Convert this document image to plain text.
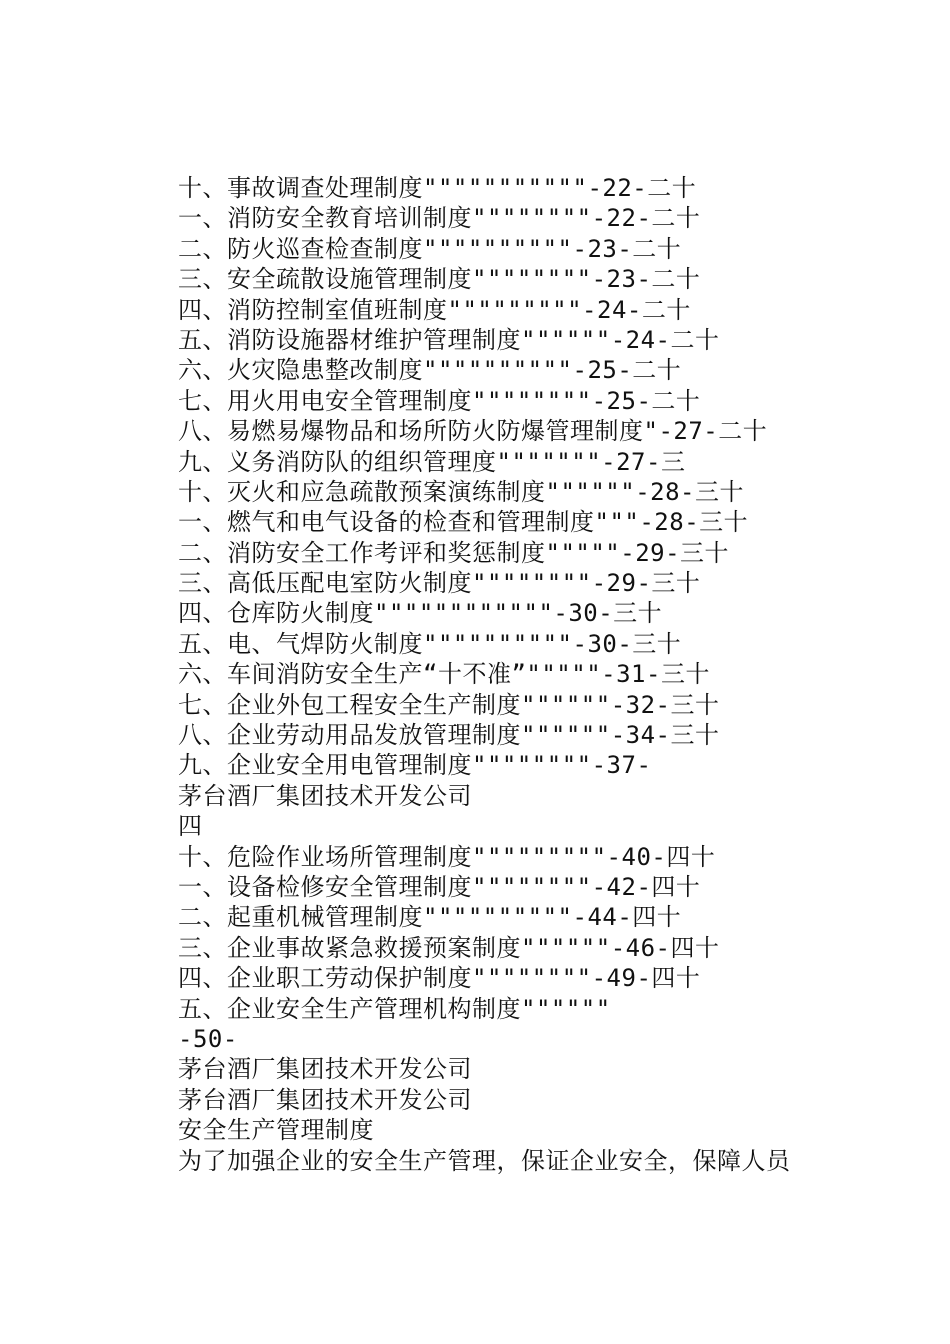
十、事故调查处理制度"""""""""""-22-二十
一、消防安全教育培训制度""""""""-22-二十
二、防火巡查检查制度""""""""""-23-二十
三、安全疏散设施管理制度""""""""-23-二十
四、消防控制室值班制度"""""""""-24-二十
五、消防设施器材维护管理制度""""""-24-二十
六、火灾隐患整改制度""""""""""-25-二十
七、用火用电安全管理制度""""""""-25-二十
八、易燃易爆物品和场所防火防爆管理制度"-27-二十
九、义务消防队的组织管理度"""""""-27-三
十、灭火和应急疏散预案演练制度""""""-28-三十
一、燃气和电气设备的检查和管理制度"""-28-三十
二、消防安全工作考评和奖惩制度"""""-29-三十
三、高低压配电室防火制度""""""""-29-三十
四、仓库防火制度""""""""""""-30-三十
五、电、气焊防火制度""""""""""-30-三十
六、车间消防安全生产“十不准”"""""-31-三十
七、企业外包工程安全生产制度""""""-32-三十
八、企业劳动用品发放管理制度""""""-34-三十
九、企业安全用电管理制度""""""""-37-
茅台酒厂集团技术开发公司
四
十、危险作业场所管理制度"""""""""-40-四十
一、设备检修安全管理制度""""""""-42-四十
二、起重机械管理制度""""""""""-44-四十
三、企业事故紧急救援预案制度""""""-46-四十
四、企业职工劳动保护制度""""""""-49-四十
五、企业安全生产管理机构制度""""""
-50-
茅台酒厂集团技术开发公司
茅台酒厂集团技术开发公司
安全生产管理制度
为了加强企业的安全生产管理，保证企业安全，保障人员
